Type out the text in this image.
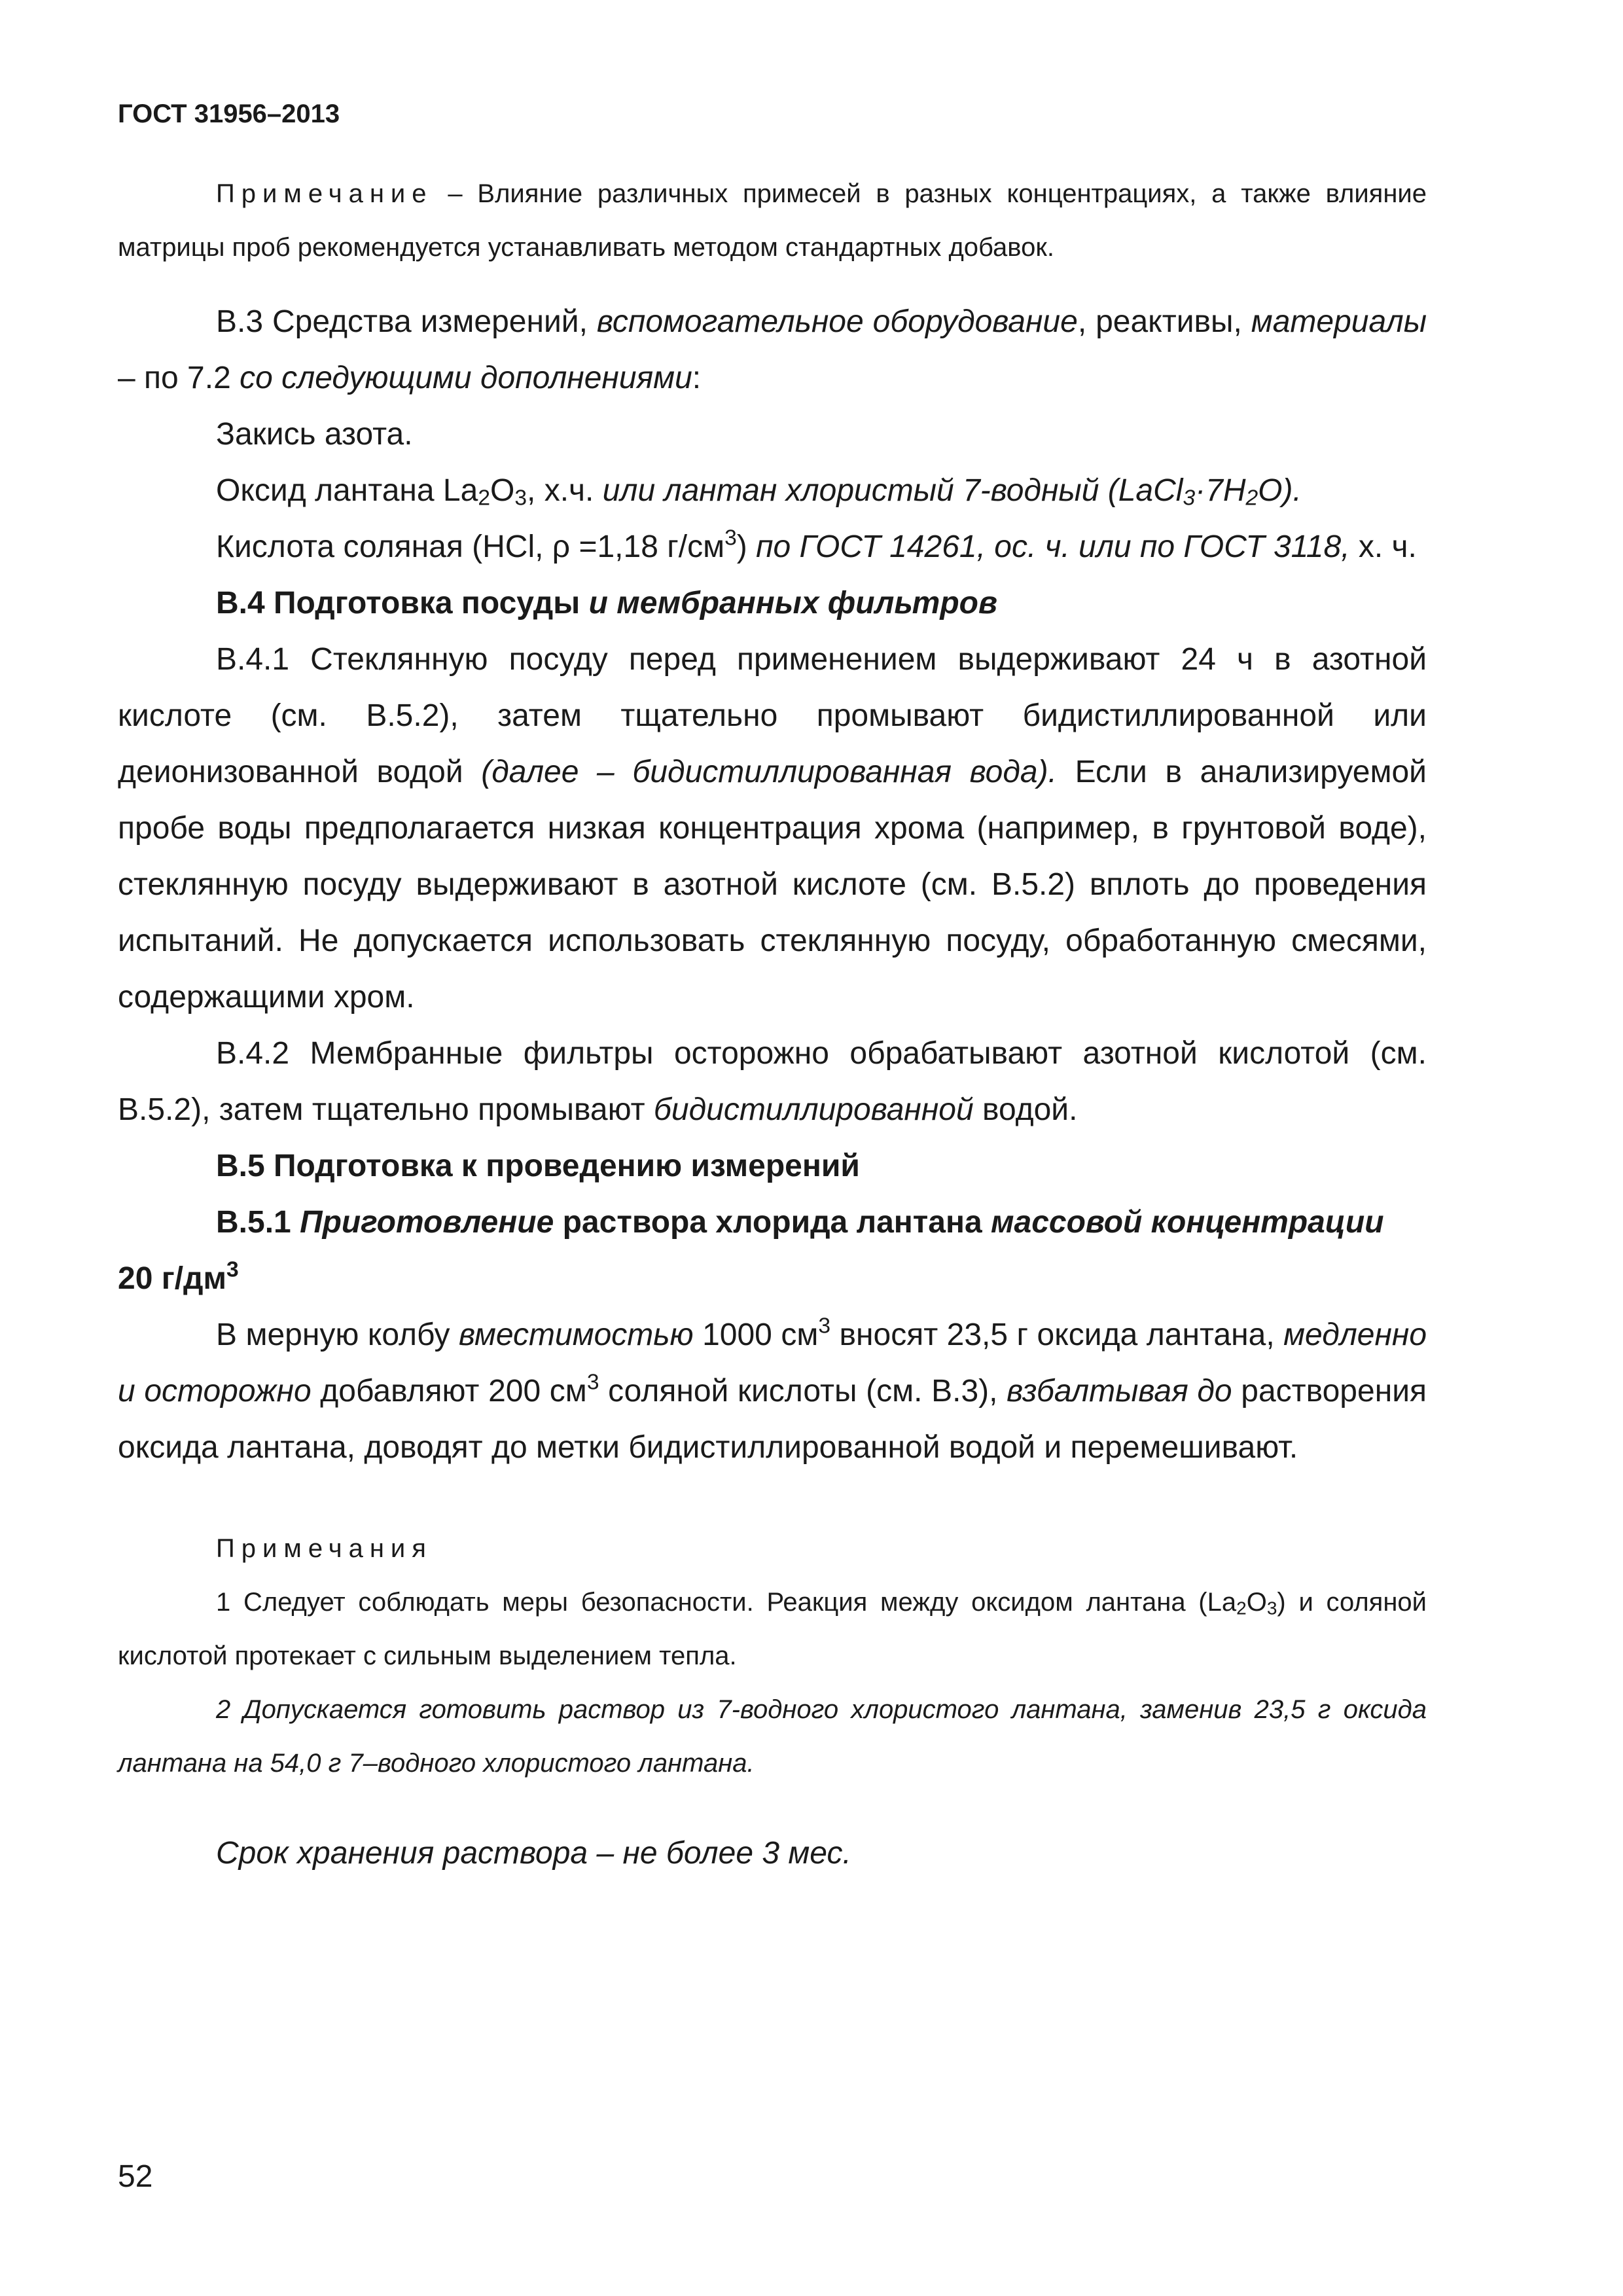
ГОСТ 31956–2013

Примечание – Влияние различных примесей в разных концентрациях, а также влияние матрицы проб рекомендуется устанавливать методом стандартных добавок.

В.3 Средства измерений, вспомогательное оборудование, реактивы, материалы – по 7.2 со следующими дополнениями:

Закись азота.

Оксид лантана $La_2O_3$, х.ч. или лантан хлористый 7-водный $(LaCl_3\cdot 7H_2O)$.

Кислота соляная (HCl, ρ =1,18 $г/см^3$) по ГОСТ 14261, ос. ч. или по ГОСТ 3118, х. ч.

В.4 Подготовка посуды и мембранных фильтров

В.4.1 Стеклянную посуду перед применением выдерживают 24 ч в азотной кислоте (см. В.5.2), затем тщательно промывают бидистиллированной или деионизованной водой (далее – бидистиллированная вода). Если в анализируемой пробе воды предполагается низкая концентрация хрома (например, в грунтовой воде), стеклянную посуду выдерживают в азотной кислоте (см. В.5.2) вплоть до проведения испытаний. Не допускается использовать стеклянную посуду, обработанную смесями, содержащими хром.

В.4.2 Мембранные фильтры осторожно обрабатывают азотной кислотой (см. В.5.2), затем тщательно промывают бидистиллированной водой.

В.5 Подготовка к проведению измерений

В.5.1 Приготовление раствора хлорида лантана массовой концентрации 20 $г/дм^3$

В мерную колбу вместимостью 1000 $см^3$ вносят 23,5 г оксида лантана, медленно и осторожно добавляют 200 $см^3$ соляной кислоты (см. В.3), взбалтывая до растворения оксида лантана, доводят до метки бидистиллированной водой и перемешивают.

Примечания

1 Следует соблюдать меры безопасности. Реакция между оксидом лантана $(La_2O_3)$ и соляной кислотой протекает с сильным выделением тепла.

2 Допускается готовить раствор из 7-водного хлористого лантана, заменив 23,5 г оксида лантана на 54,0 г 7–водного хлористого лантана.

Срок хранения раствора – не более 3 мес.

52
